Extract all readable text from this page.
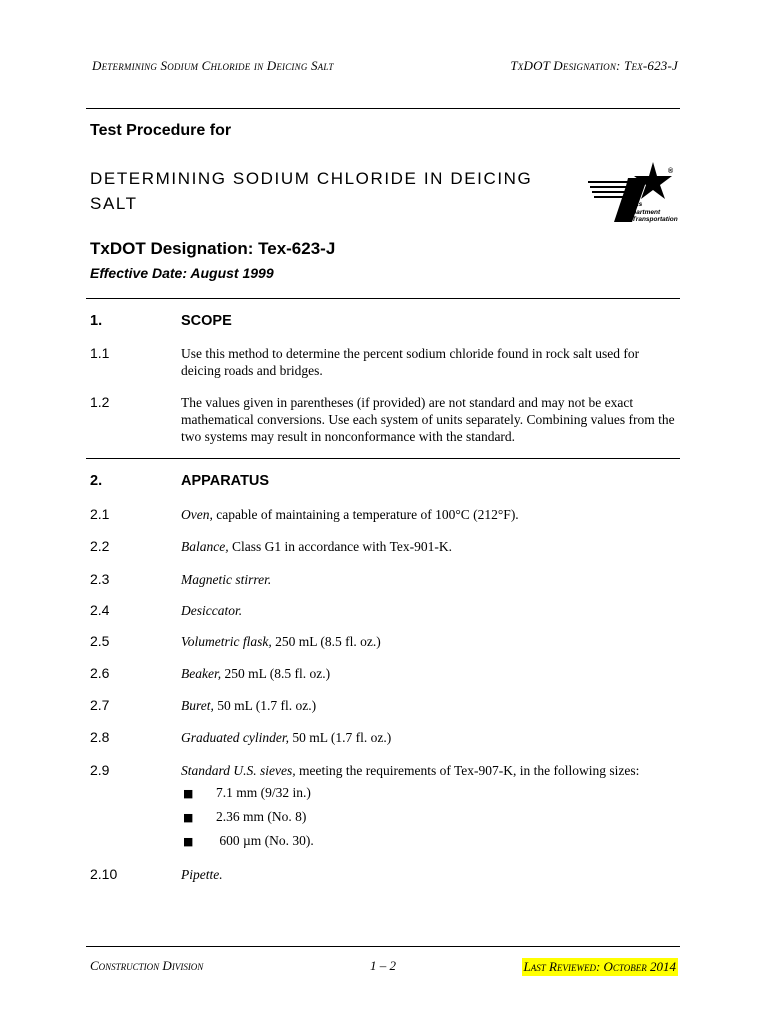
Determining Sodium Chloride in Deicing Salt	TxDOT Designation: Tex-623-J
Test Procedure for
DETERMINING SODIUM CHLORIDE IN DEICING
SALT
TxDOT Designation: Tex-623-J
Effective Date: August 1999
®
Texas
Department
of Transportation
1.	SCOPE
1.1	Use this method to determine the percent sodium chloride found in rock salt used for deicing roads and bridges.
1.2	The values given in parentheses (if provided) are not standard and may not be exact mathematical conversions. Use each system of units separately. Combining values from the two systems may result in nonconformance with the standard.
2.	APPARATUS
2.1	Oven, capable of maintaining a temperature of 100°C (212°F).
2.2	Balance, Class G1 in accordance with Tex-901-K.
2.3	Magnetic stirrer.
2.4	Desiccator.
2.5	Volumetric flask, 250 mL (8.5 fl. oz.)
2.6	Beaker, 250 mL (8.5 fl. oz.)
2.7	Buret, 50 mL (1.7 fl. oz.)
2.8	Graduated cylinder, 50 mL (1.7 fl. oz.)
2.9	Standard U.S. sieves, meeting the requirements of Tex-907-K, in the following sizes:
■ 7.1 mm (9/32 in.)
■ 2.36 mm (No. 8)
■ 600 µm (No. 30).
2.10	Pipette.
Construction Division	1 – 2	Last Reviewed: October 2014
